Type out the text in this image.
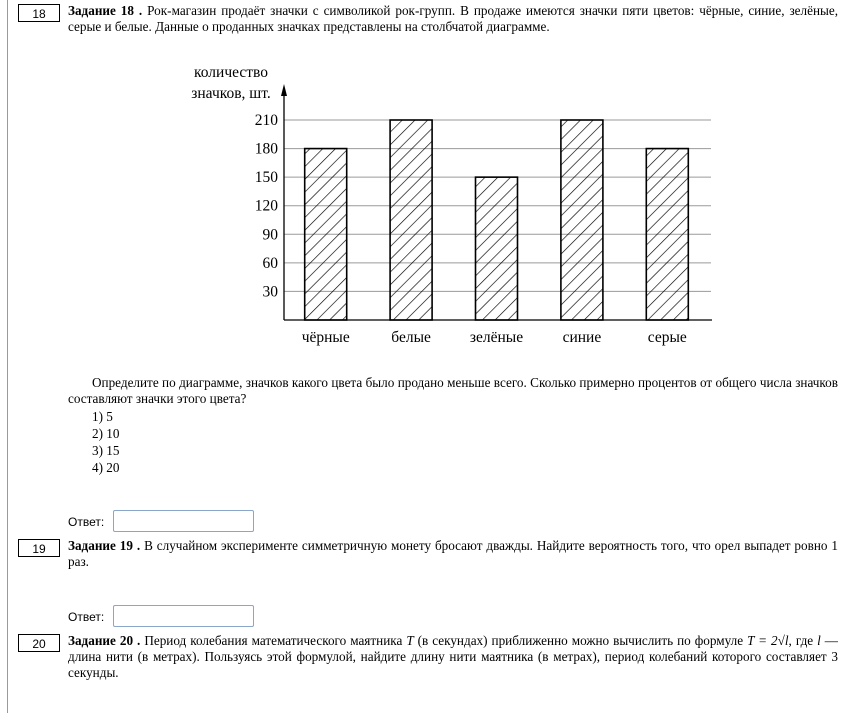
18	Задание 18 . Рок-магазин продаёт значки с символикой рок-групп. В продаже имеются значки пяти цветов: чёрные, синие, зелёные, серые и белые. Данные о проданных значках представлены на столбчатой диаграмме.
количество
значков, шт.
30
60
90
120
150
180
210
чёрные	белые	зелёные	синие	серые
Определите по диаграмме, значков какого цвета было продано меньше всего. Сколько примерно процентов от общего числа значков составляют значки этого цвета?
1) 5
2) 10
3) 15
4) 20
Ответ:
19	Задание 19 . В случайном эксперименте симметричную монету бросают дважды. Найдите вероятность того, что орел выпадет ровно 1 раз.
Ответ:
20	Задание 20 . Период колебания математического маятника T (в секундах) приближенно можно вычислить по формуле T = 2√l, где l — длина нити (в метрах). Пользуясь этой формулой, найдите длину нити маятника (в метрах), период колебаний которого составляет 3 секунды.
